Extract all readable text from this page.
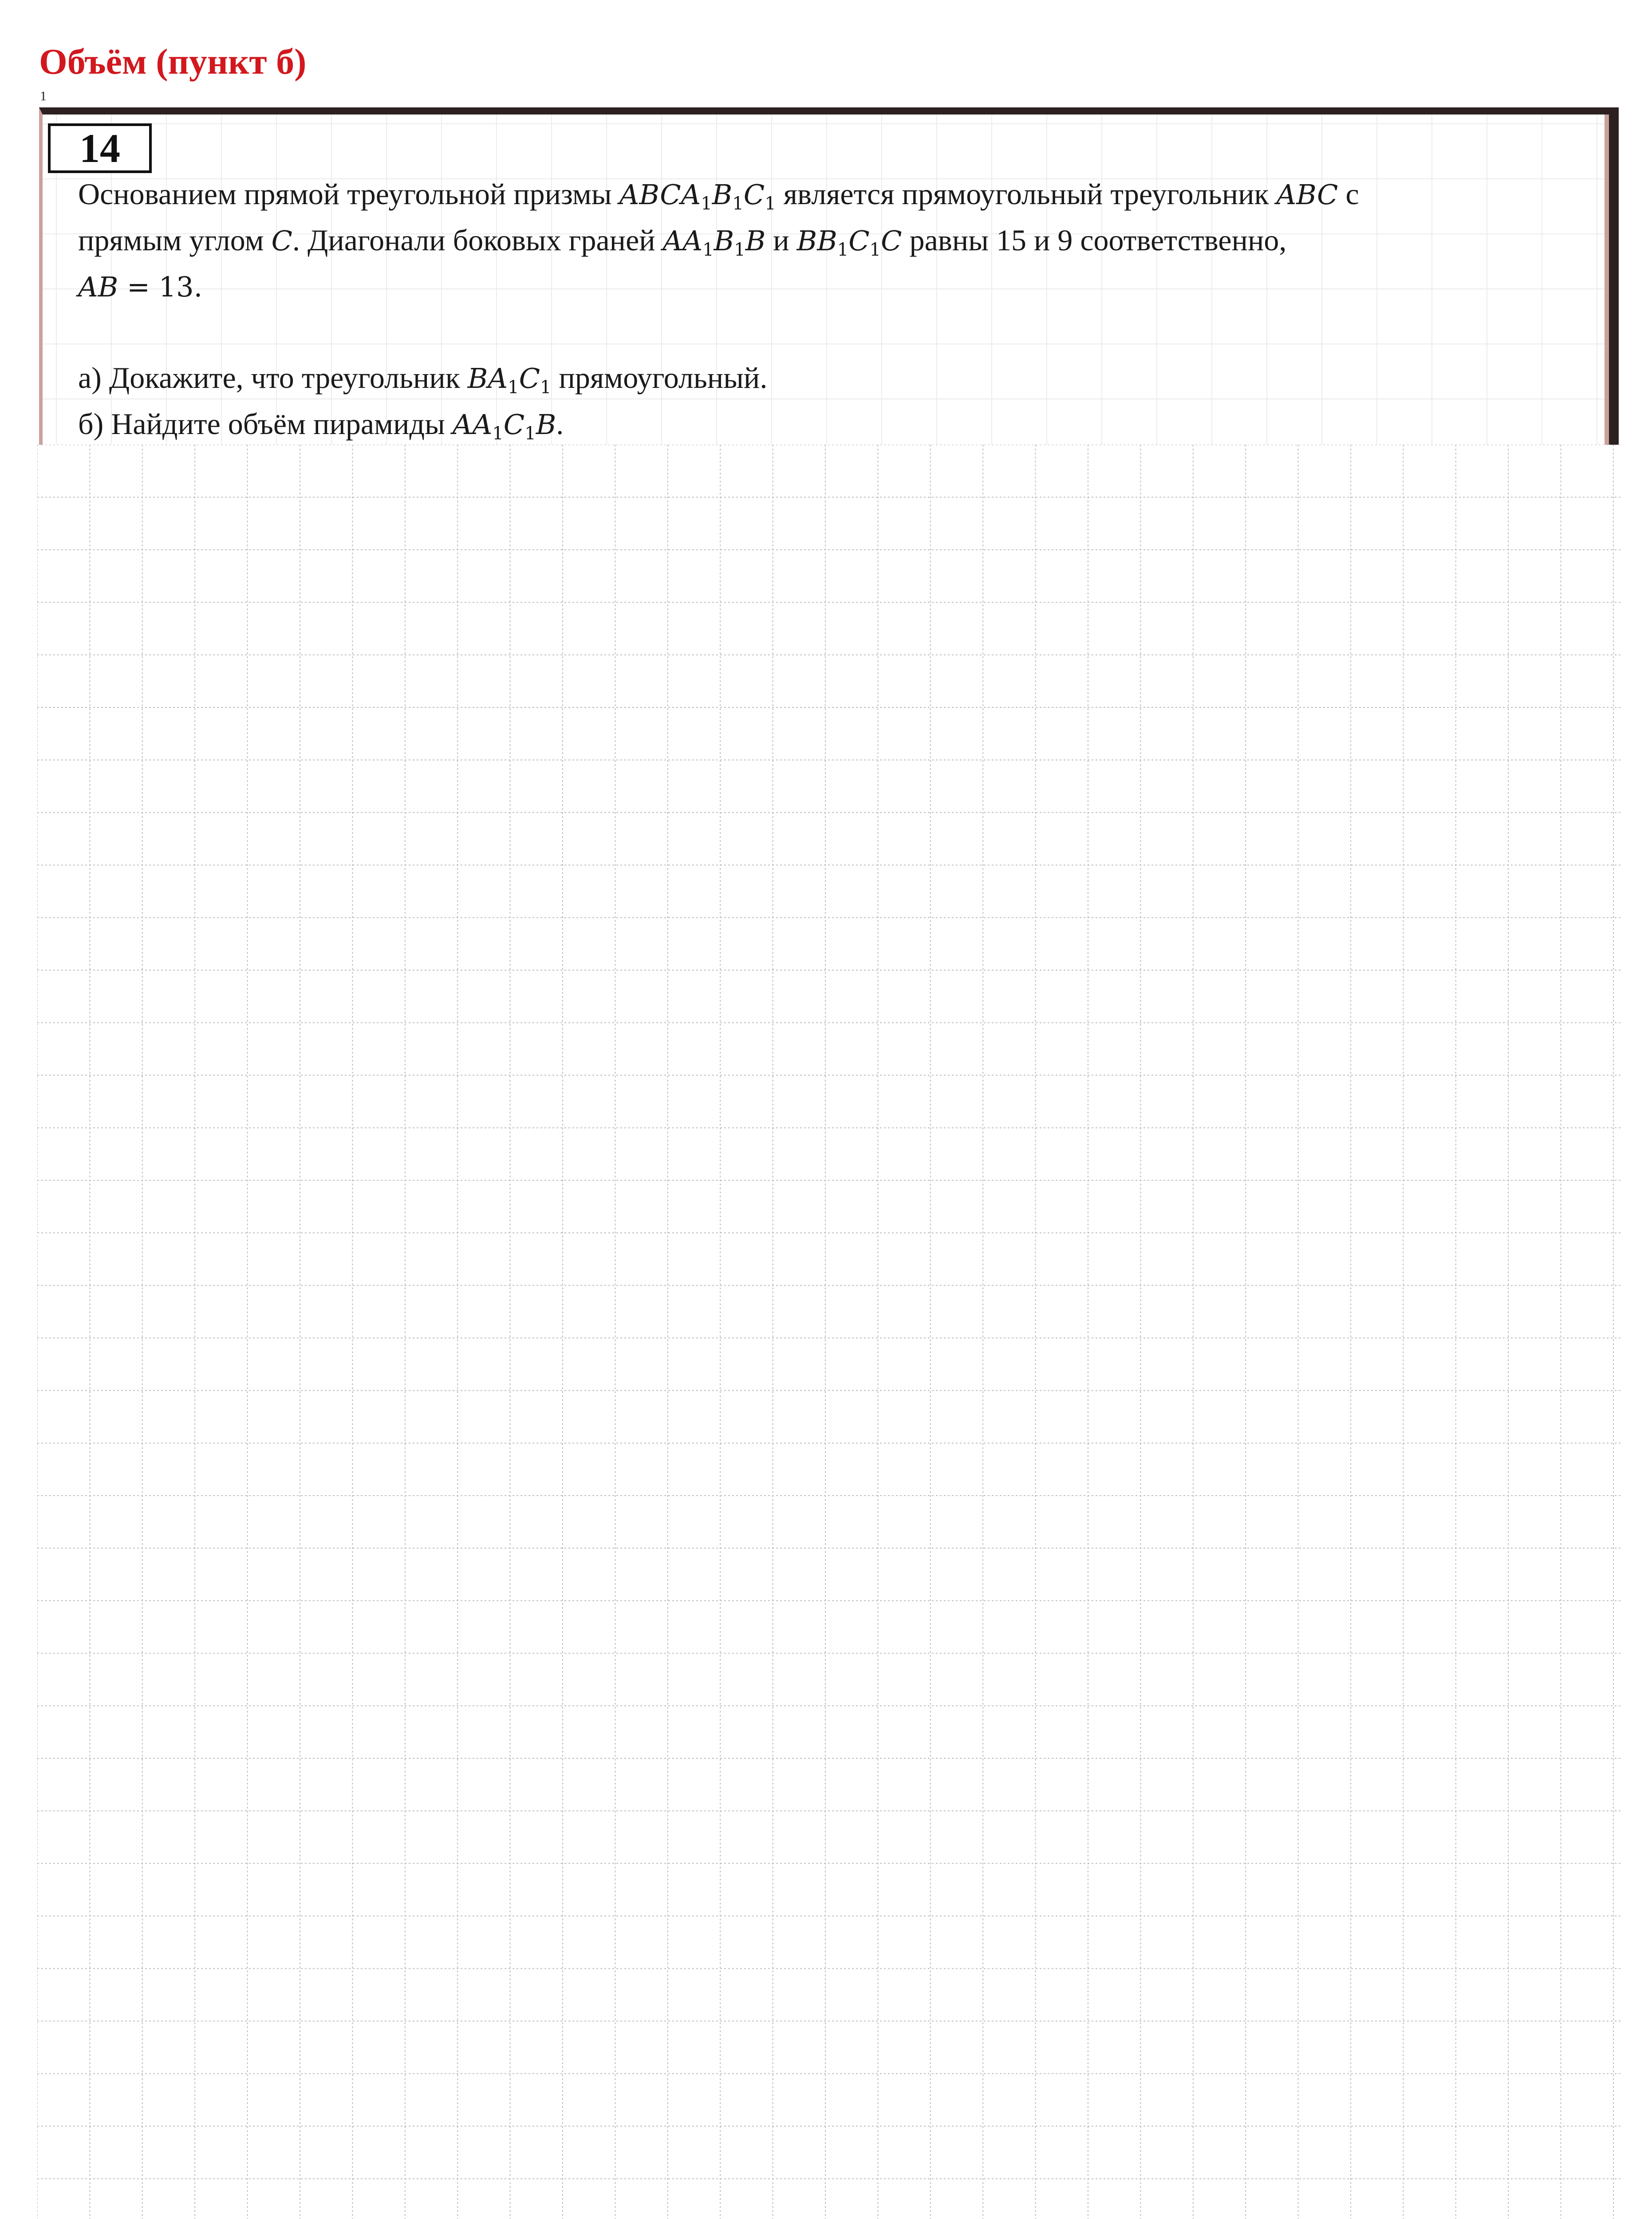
Объём (пункт б)
1
14

Основанием прямой треугольной призмы $ABCA_1B_1C_1$ является прямоугольный треугольник ABC с

прямым углом C. Диагонали боковых граней $AA_1B_1B$ и $BB_1C_1C$ равны 15 и 9 соответственно,

AB = 13.

а) Докажите, что треугольник $BA_1C_1$ прямоугольный.

б) Найдите объём пирамиды $AA_1C_1B$.
